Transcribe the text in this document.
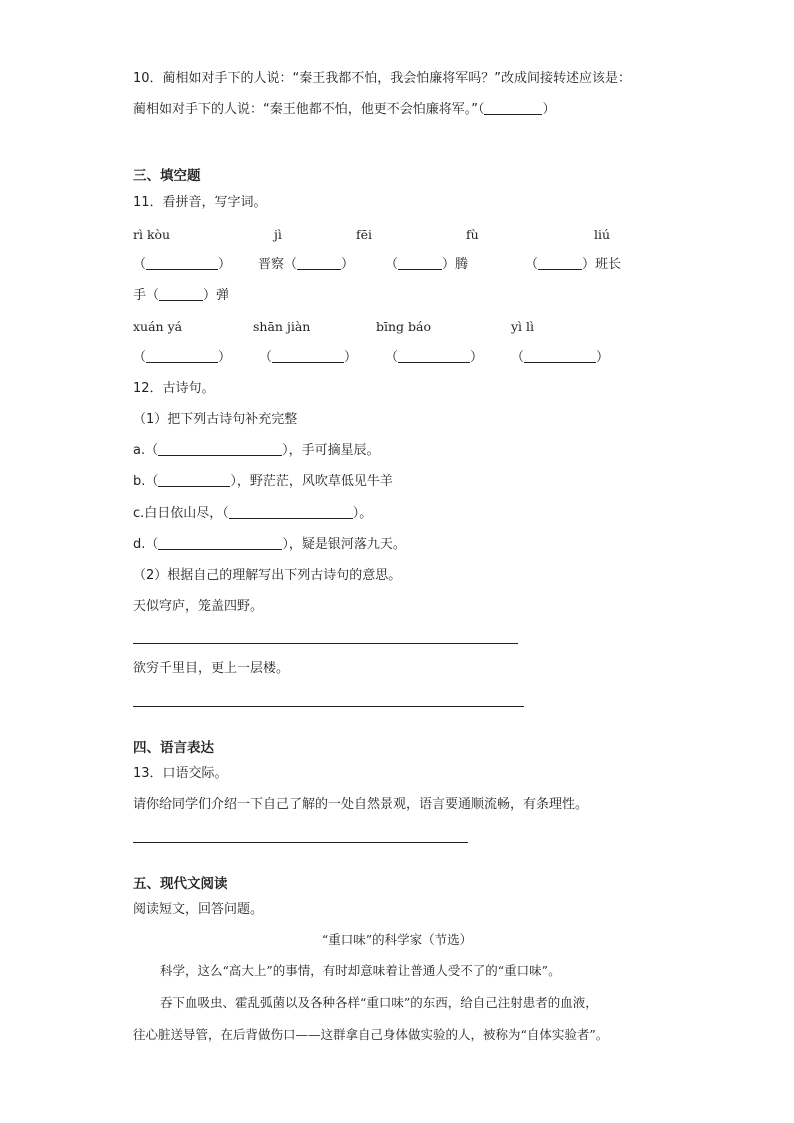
10．蔺相如对手下的人说：“秦王我都不怕，我会怕廉将军吗？”改成间接转述应该是：
蔺相如对手下的人说：“秦王他都不怕，他更不会怕廉将军。”（	）
三、填空题
11．看拼音，写字词。
rì kòu	jì	fēi	fù	liú
（	） 晋察（	） （	）腾	（	）班长
手（	）弹
xuán yá	shān jiàn	bīng báo	yì lì
（	） （	） （	） （	）
12．古诗句。
（1）把下列古诗句补充完整
a.（	），手可摘星辰。
b.（	），野茫茫，风吹草低见牛羊
c.白日依山尽，（	）。
d.（	），疑是银河落九天。
（2）根据自己的理解写出下列古诗句的意思。
天似穹庐，笼盖四野。
欲穷千里目，更上一层楼。
四、语言表达
13．口语交际。
请你给同学们介绍一下自己了解的一处自然景观，语言要通顺流畅，有条理性。
五、现代文阅读
阅读短文，回答问题。
“重口味”的科学家（节选）
科学，这么“高大上”的事情，有时却意味着让普通人受不了的“重口味”。
吞下血吸虫、霍乱弧菌以及各种各样“重口味”的东西，给自己注射患者的血液，
往心脏送导管，在后背做伤口——这群拿自己身体做实验的人，被称为“自体实验者”。
